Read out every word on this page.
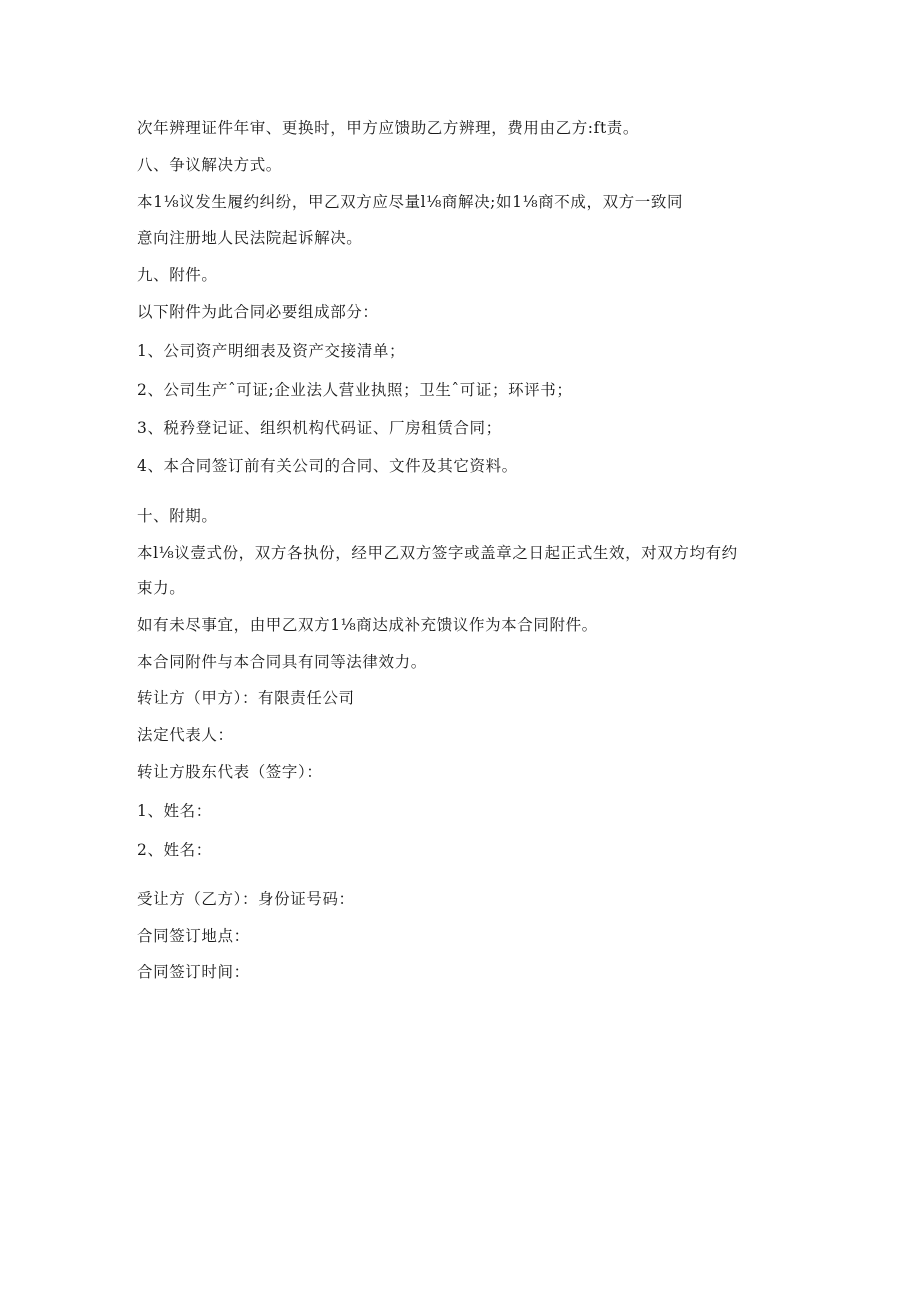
次年辨理证件年审、更换时，甲方应馈助乙方辨理，费用由乙方:ft责。
八、争议解决方式。
本1⅛议发生履约纠纷，甲乙双方应尽量l⅛商解决;如1⅛商不成，双方一致同
意向注册地人民法院起诉解决。
九、附件。
以下附件为此合同必要组成部分：
1、公司资产明细表及资产交接清单；
2、公司生产ˆ可证;企业法人营业执照；卫生ˆ可证；环评书；
3、税矜登记证、组织机构代码证、厂房租赁合同；
4、本合同签订前有关公司的合同、文件及其它资料。
十、附期。
本l⅛议壹式份，双方各执份，经甲乙双方签字或盖章之日起正式生效，对双方均有约
束力。
如有未尽事宜，由甲乙双方1⅛商达成补充馈议作为本合同附件。
本合同附件与本合同具有同等法律效力。
转让方（甲方）：有限责任公司
法定代表人：
转让方股东代表（签字）：
1、姓名：
2、姓名：
受让方（乙方）：身份证号码：
合同签订地点：
合同签订时间：
